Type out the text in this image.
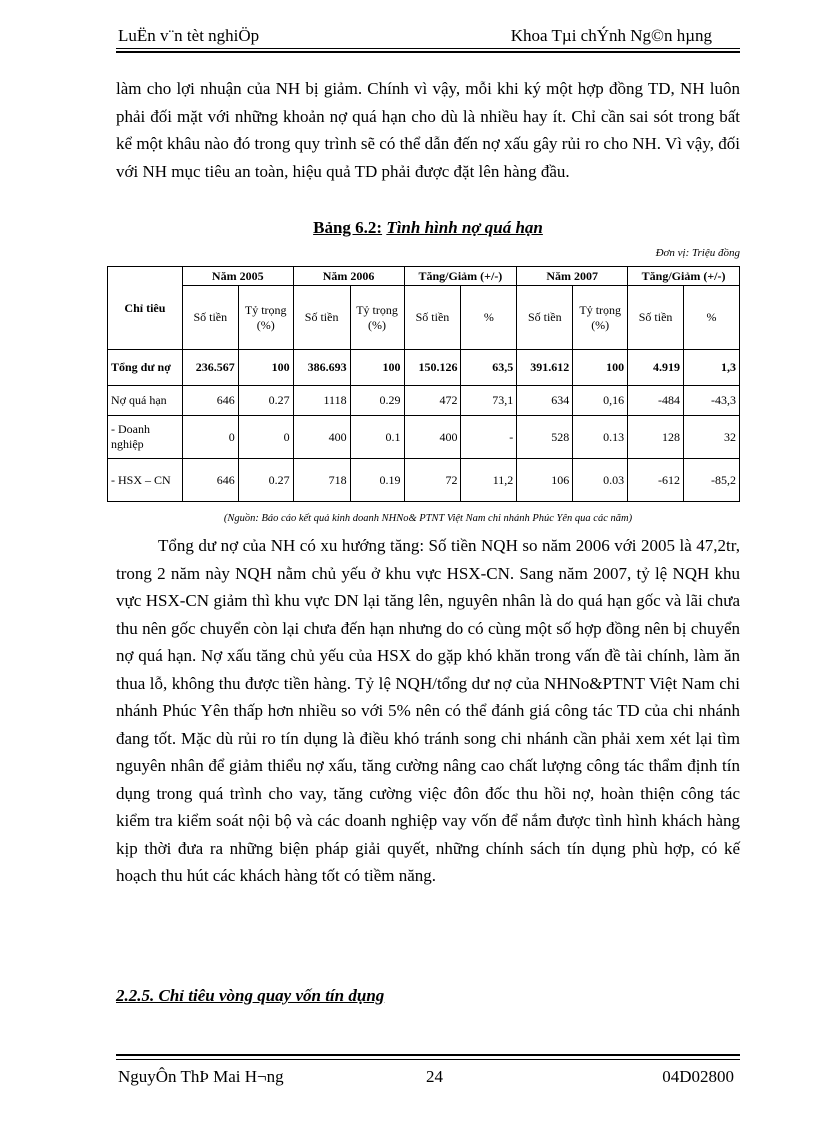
LuËn v¨n tèt nghiÖp	Khoa Tµi chÝnh Ng©n hµng

làm cho lợi nhuận của NH bị giảm. Chính vì vậy, mỗi khi ký một hợp đồng TD, NH luôn phải đối mặt với những khoản nợ quá hạn cho dù là nhiều hay ít. Chỉ cần sai sót trong bất kể một khâu nào đó trong quy trình sẽ có thể dẫn đến nợ xấu gây rủi ro cho NH. Vì vậy, đối với NH mục tiêu an toàn, hiệu quả TD phải được đặt lên hàng đầu.

Bảng 6.2: Tình hình nợ quá hạn
Đơn vị: Triệu đồng
Chỉ tiêu	Năm 2005		Năm 2006		Tăng/Giảm (+/-)		Năm 2007		Tăng/Giảm (+/-)	
	Số tiền	Tỷ trọng (%)	Số tiền	Tỷ trọng (%)	Số tiền	%	Số tiền	Tỷ trọng (%)	Số tiền	%
Tổng dư nợ	236.567	100	386.693	100	150.126	63,5	391.612	100	4.919	1,3
Nợ quá hạn	646	0.27	1118	0.29	472	73,1	634	0,16	-484	-43,3
- Doanh nghiệp	0	0	400	0.1	400	-	528	0.13	128	32
- HSX – CN	646	0.27	718	0.19	72	11,2	106	0.03	-612	-85,2
(Nguồn: Báo cáo kết quả kinh doanh NHNo& PTNT Việt Nam chi nhánh Phúc Yên qua các năm)

Tổng dư nợ của NH có xu hướng tăng: Số tiền NQH so năm 2006 với 2005 là 47,2tr, trong 2 năm này NQH nằm chủ yếu ở khu vực HSX-CN. Sang năm 2007, tỷ lệ NQH khu vực HSX-CN giảm thì khu vực DN lại tăng lên, nguyên nhân là do quá hạn gốc và lãi chưa thu nên gốc chuyển còn lại chưa đến hạn nhưng do có cùng một số hợp đồng nên bị chuyển nợ quá hạn. Nợ xấu tăng chủ yếu của HSX do gặp khó khăn trong vấn đề tài chính, làm ăn thua lỗ, không thu được tiền hàng. Tỷ lệ NQH/tổng dư nợ của NHNo&PTNT Việt Nam chi nhánh Phúc Yên thấp hơn nhiều so với 5% nên có thể đánh giá công tác TD của chi nhánh đang tốt. Mặc dù rủi ro tín dụng là điều khó tránh song chi nhánh cần phải xem xét lại tìm nguyên nhân để giảm thiểu nợ xấu, tăng cường nâng cao chất lượng công tác thẩm định tín dụng trong quá trình cho vay, tăng cường việc đôn đốc thu hồi nợ, hoàn thiện công tác kiểm tra kiểm soát nội bộ và các doanh nghiệp vay vốn để nắm được tình hình khách hàng kịp thời đưa ra những biện pháp giải quyết, những chính sách tín dụng phù hợp, có kế hoạch thu hút các khách hàng tốt có tiềm năng.

2.2.5. Chỉ tiêu vòng quay vốn tín dụng
NguyÔn ThÞ Mai H¬ng	24	04D02800
